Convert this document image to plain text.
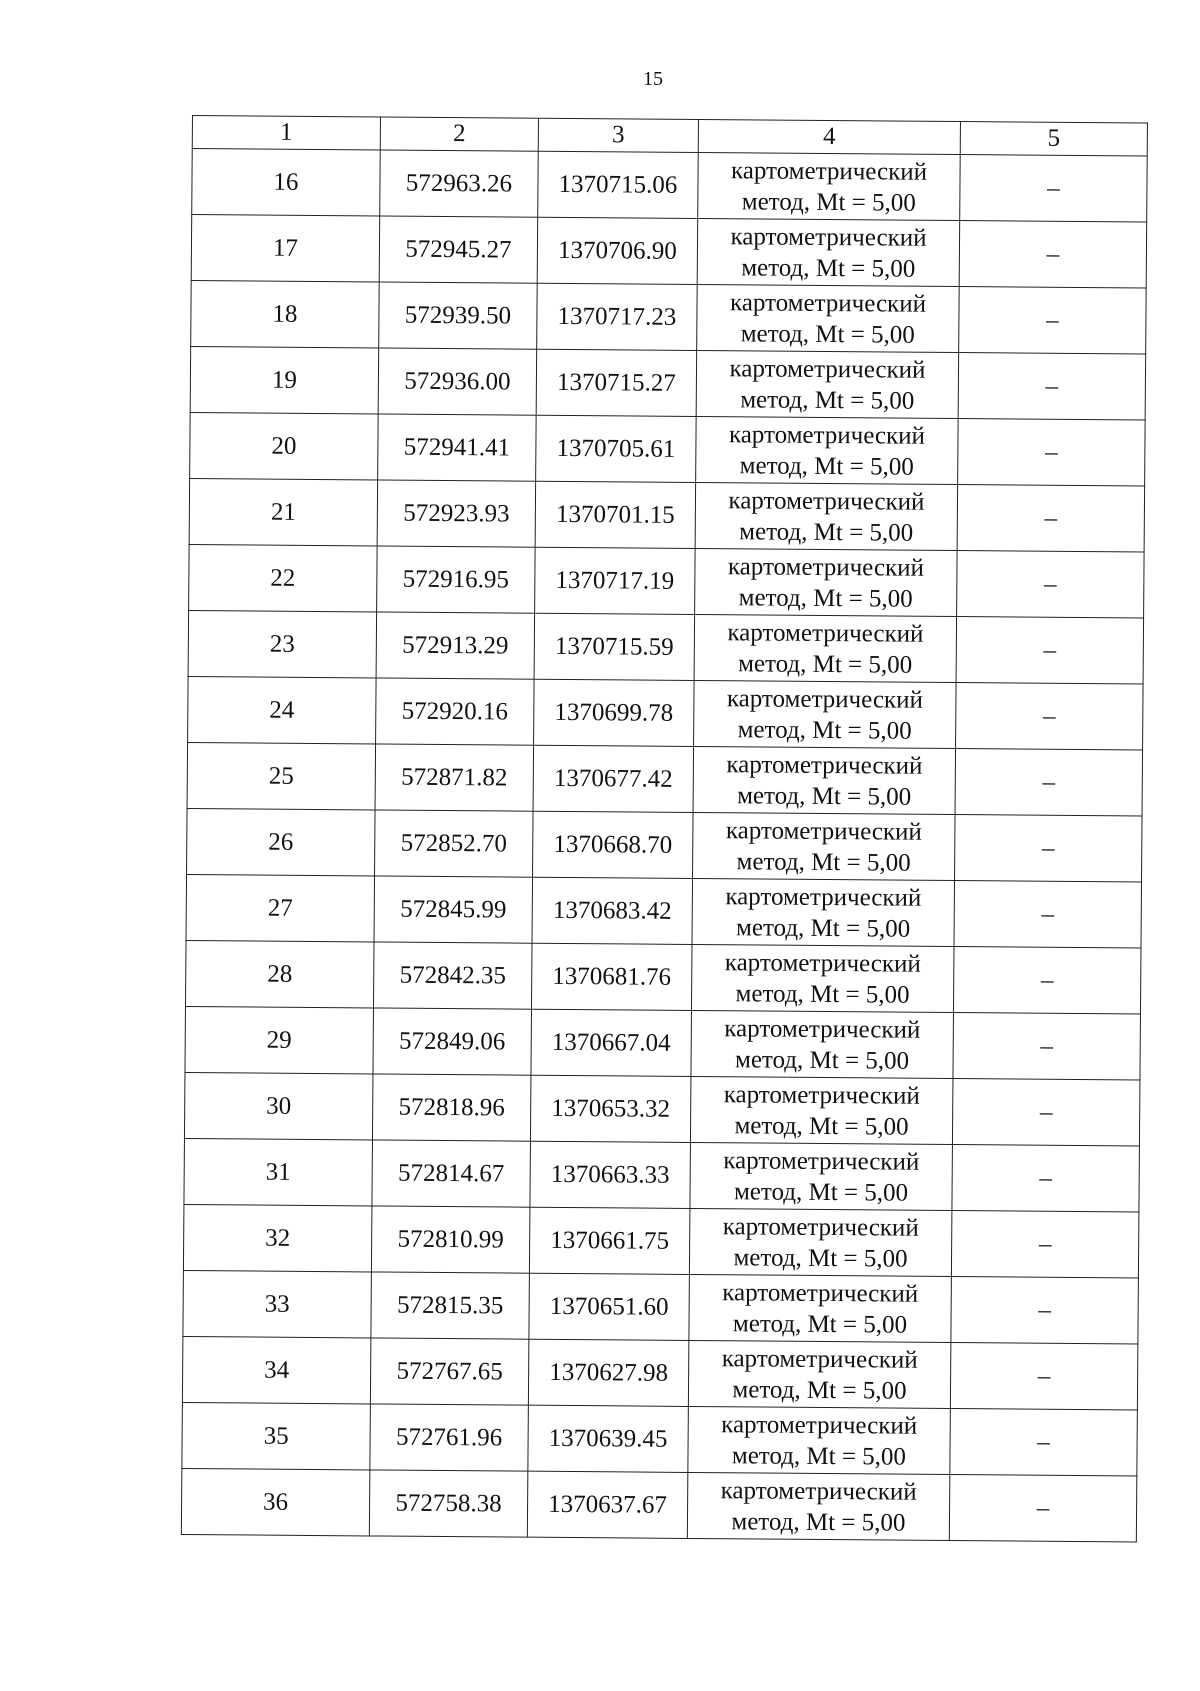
15
1	2	3	4	5
16	572963.26	1370715.06	картометрический
метод, Mt = 5,00	–
17	572945.27	1370706.90	картометрический
метод, Mt = 5,00	–
18	572939.50	1370717.23	картометрический
метод, Mt = 5,00	–
19	572936.00	1370715.27	картометрический
метод, Mt = 5,00	–
20	572941.41	1370705.61	картометрический
метод, Mt = 5,00	–
21	572923.93	1370701.15	картометрический
метод, Mt = 5,00	–
22	572916.95	1370717.19	картометрический
метод, Mt = 5,00	–
23	572913.29	1370715.59	картометрический
метод, Mt = 5,00	–
24	572920.16	1370699.78	картометрический
метод, Mt = 5,00	–
25	572871.82	1370677.42	картометрический
метод, Mt = 5,00	–
26	572852.70	1370668.70	картометрический
метод, Mt = 5,00	–
27	572845.99	1370683.42	картометрический
метод, Mt = 5,00	–
28	572842.35	1370681.76	картометрический
метод, Mt = 5,00	–
29	572849.06	1370667.04	картометрический
метод, Mt = 5,00	–
30	572818.96	1370653.32	картометрический
метод, Mt = 5,00	–
31	572814.67	1370663.33	картометрический
метод, Mt = 5,00	–
32	572810.99	1370661.75	картометрический
метод, Mt = 5,00	–
33	572815.35	1370651.60	картометрический
метод, Mt = 5,00	–
34	572767.65	1370627.98	картометрический
метод, Mt = 5,00	–
35	572761.96	1370639.45	картометрический
метод, Mt = 5,00	–
36	572758.38	1370637.67	картометрический
метод, Mt = 5,00	–
